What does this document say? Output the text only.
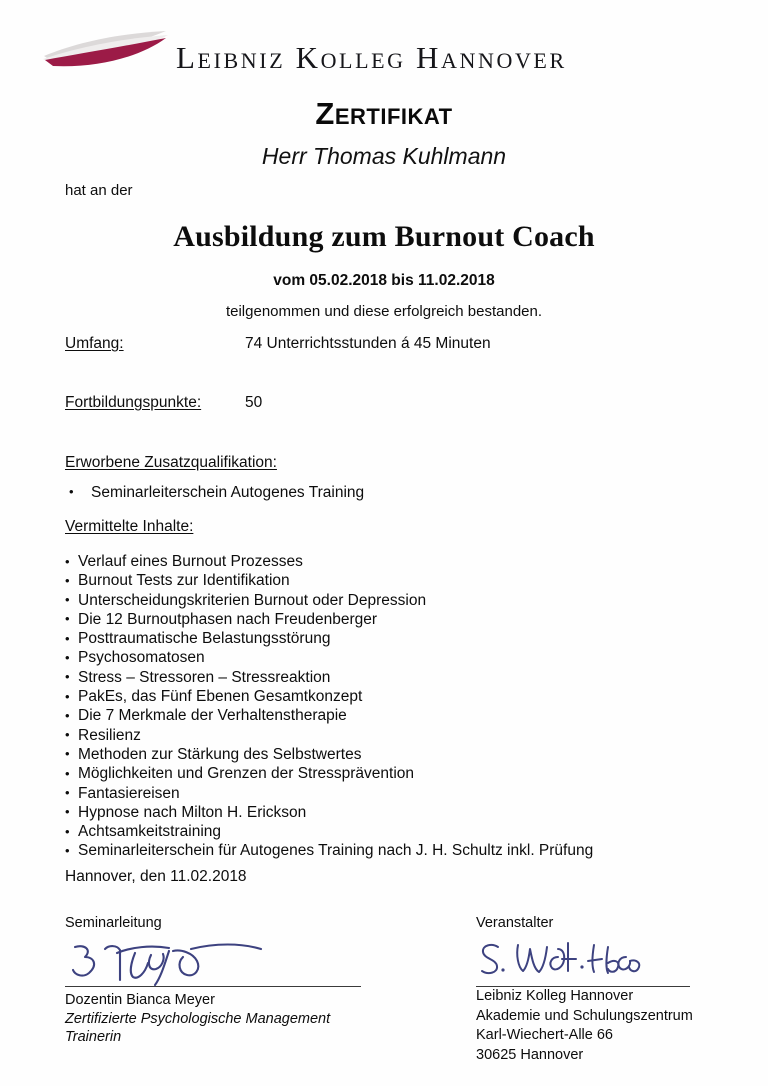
Leibniz Kolleg Hannover
Zertifikat
Herr Thomas Kuhlmann
hat an der
Ausbildung zum Burnout Coach
vom 05.02.2018 bis 11.02.2018
teilgenommen und diese erfolgreich bestanden.
Umfang:	74 Unterrichtsstunden á 45 Minuten
Fortbildungspunkte:	50
Erworbene Zusatzqualifikation:
• Seminarleiterschein Autogenes Training
Vermittelte Inhalte:
• Verlauf eines Burnout Prozesses
• Burnout Tests zur Identifikation
• Unterscheidungskriterien Burnout oder Depression
• Die 12 Burnoutphasen nach Freudenberger
• Posttraumatische Belastungsstörung
• Psychosomatosen
• Stress – Stressoren – Stressreaktion
• PakEs, das Fünf Ebenen Gesamtkonzept
• Die 7 Merkmale der Verhaltenstherapie
• Resilienz
• Methoden zur Stärkung des Selbstwertes
• Möglichkeiten und Grenzen der Stressprävention
• Fantasiereisen
• Hypnose nach Milton H. Erickson
• Achtsamkeitstraining
• Seminarleiterschein für Autogenes Training nach J. H. Schultz inkl. Prüfung
Hannover, den 11.02.2018
Seminarleitung
Dozentin Bianca Meyer
Zertifizierte Psychologische Management Trainerin
Veranstalter
Leibniz Kolleg Hannover
Akademie und Schulungszentrum
Karl-Wiechert-Alle 66
30625 Hannover
